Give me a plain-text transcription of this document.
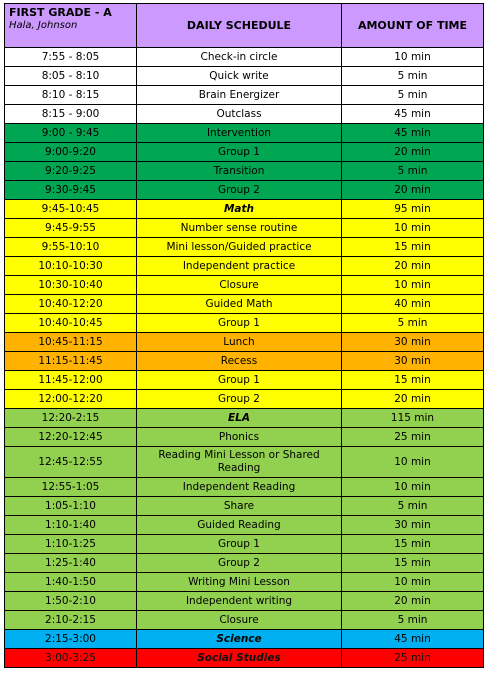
FIRST GRADE - A
Hala, Johnson	DAILY SCHEDULE	AMOUNT OF TIME
7:55 - 8:05	Check-in circle	10 min
8:05 - 8:10	Quick write	5 min
8:10 - 8:15	Brain Energizer	5 min
8:15 - 9:00	Outclass	45 min
9:00 - 9:45	Intervention	45 min
9:00-9:20	Group 1	20 min
9:20-9:25	Transition	5 min
9:30-9:45	Group 2	20 min
9:45-10:45	Math	95 min
9:45-9:55	Number sense routine	10 min
9:55-10:10	Mini lesson/Guided practice	15 min
10:10-10:30	Independent practice	20 min
10:30-10:40	Closure	10 min
10:40-12:20	Guided Math	40 min
10:40-10:45	Group 1	5 min
10:45-11:15	Lunch	30 min
11:15-11:45	Recess	30 min
11:45-12:00	Group 1	15 min
12:00-12:20	Group 2	20 min
12:20-2:15	ELA	115 min
12:20-12:45	Phonics	25 min
12:45-12:55	Reading Mini Lesson or Shared Reading	10 min
12:55-1:05	Independent Reading	10 min
1:05-1:10	Share	5 min
1:10-1:40	Guided Reading	30 min
1:10-1:25	Group 1	15 min
1:25-1:40	Group 2	15 min
1:40-1:50	Writing Mini Lesson	10 min
1:50-2:10	Independent writing	20 min
2:10-2:15	Closure	5 min
2:15-3:00	Science	45 min
3:00-3:25	Social Studies	25 min
